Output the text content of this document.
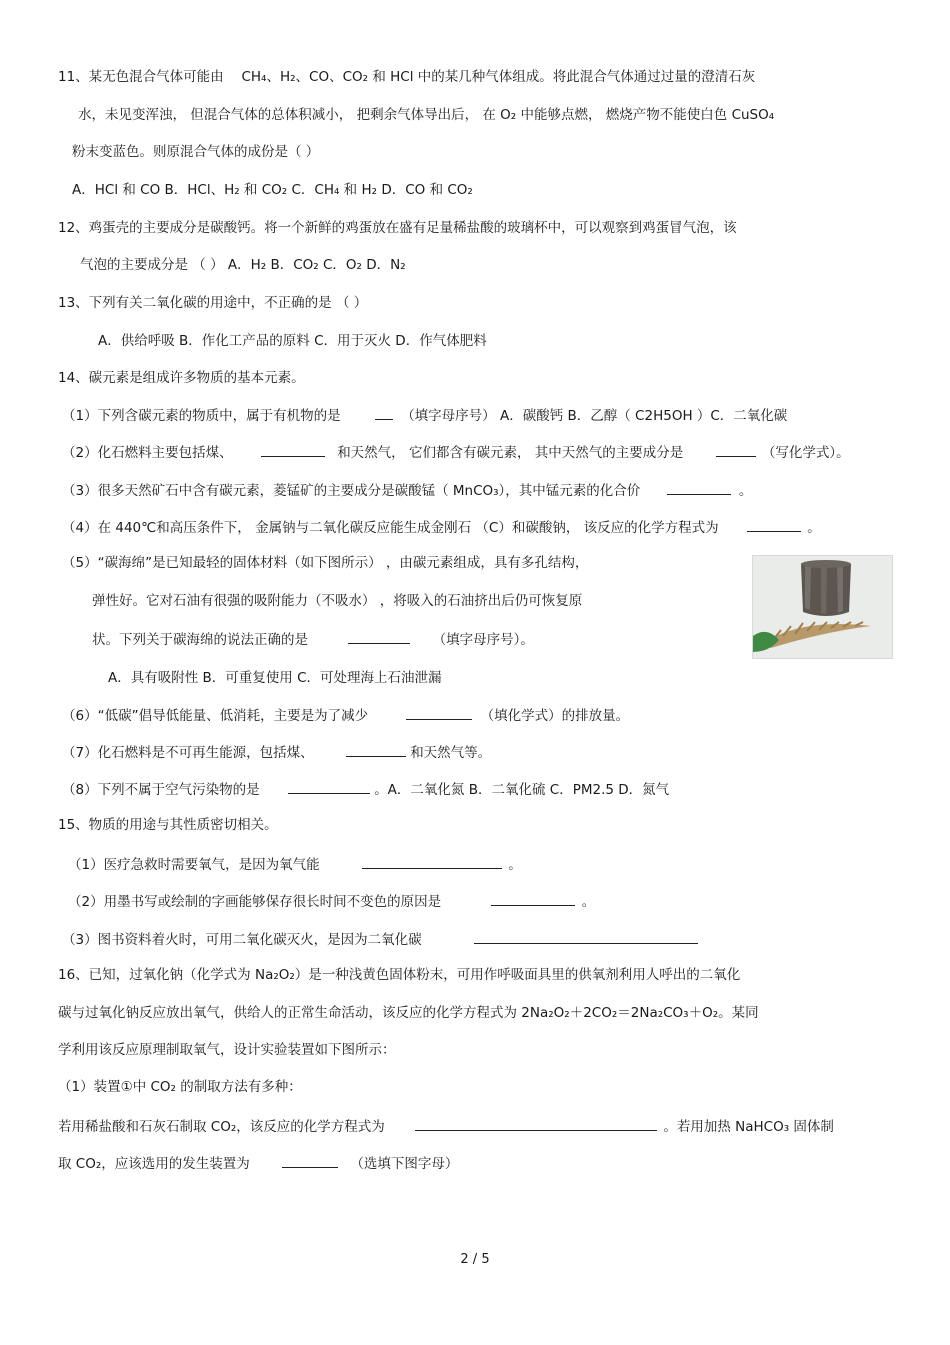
11、某无色混合气体可能由　 CH₄、H₂、CO、CO₂ 和 HCl 中的某几种气体组成。将此混合气体通过过量的澄清石灰
水，未见变浑浊， 但混合气体的总体积减小， 把剩余气体导出后， 在 O₂ 中能够点燃， 燃烧产物不能使白色 CuSO₄
粉末变蓝色。则原混合气体的成份是（ ）
A．HCl 和 CO B．HCl、H₂ 和 CO₂ C．CH₄ 和 H₂ D．CO 和 CO₂
12、鸡蛋壳的主要成分是碳酸钙。将一个新鲜的鸡蛋放在盛有足量稀盐酸的玻璃杯中，可以观察到鸡蛋冒气泡，该
气泡的主要成分是 （ ） A．H₂ B．CO₂ C．O₂ D．N₂
13、下列有关二氧化碳的用途中，不正确的是 （ ）
A．供给呼吸 B．作化工产品的原料 C．用于灭火 D．作气体肥料
14、碳元素是组成许多物质的基本元素。
（1）下列含碳元素的物质中，属于有机物的是	（填字母序号） A．碳酸钙 B．乙醇（ C2H5OH ）C．二氧化碳
（2）化石燃料主要包括煤、	和天然气， 它们都含有碳元素， 其中天然气的主要成分是	（写化学式）。
（3）很多天然矿石中含有碳元素，菱锰矿的主要成分是碳酸锰（ MnCO₃），其中锰元素的化合价	。
（4）在 440℃和高压条件下， 金属钠与二氧化碳反应能生成金刚石 （C）和碳酸钠， 该反应的化学方程式为	。
（5）“碳海绵”是已知最轻的固体材料（如下图所示） ，由碳元素组成，具有多孔结构，
弹性好。它对石油有很强的吸附能力（不吸水） ，将吸入的石油挤出后仍可恢复原
状。下列关于碳海绵的说法正确的是	（填字母序号）。
A．具有吸附性 B．可重复使用 C．可处理海上石油泄漏
（6）“低碳”倡导低能量、低消耗，主要是为了减少	（填化学式）的排放量。
（7）化石燃料是不可再生能源，包括煤、	和天然气等。
（8）下列不属于空气污染物的是	。A．二氧化氮 B．二氧化硫 C．PM2.5 D．氮气
15、物质的用途与其性质密切相关。
（1）医疗急救时需要氧气，是因为氧气能	。
（2）用墨书写或绘制的字画能够保存很长时间不变色的原因是	。
（3）图书资料着火时，可用二氧化碳灭火，是因为二氧化碳
16、已知，过氧化钠（化学式为 Na₂O₂）是一种浅黄色固体粉末，可用作呼吸面具里的供氧剂利用人呼出的二氧化
碳与过氧化钠反应放出氧气，供给人的正常生命活动，该反应的化学方程式为 2Na₂O₂＋2CO₂＝2Na₂CO₃＋O₂。某同
学利用该反应原理制取氧气，设计实验装置如下图所示：
（1）装置①中 CO₂ 的制取方法有多种：
若用稀盐酸和石灰石制取 CO₂，该反应的化学方程式为	。若用加热 NaHCO₃ 固体制
取 CO₂，应该选用的发生装置为	（选填下图字母）
2 / 5
